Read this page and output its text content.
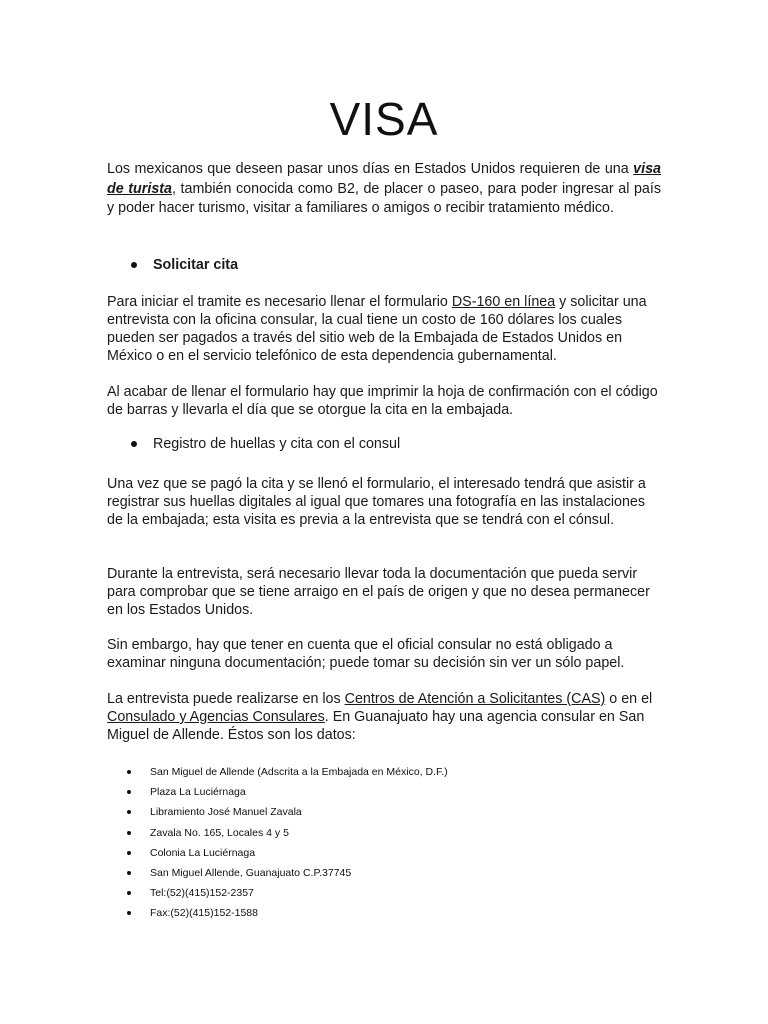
VISA

Los mexicanos que deseen pasar unos días en Estados Unidos requieren de una visa de turista, también conocida como B2, de placer o paseo, para poder ingresar al país y poder hacer turismo, visitar a familiares o amigos o recibir tratamiento médico.

Solicitar cita

Para iniciar el tramite es necesario llenar el formulario DS-160 en línea y solicitar una entrevista con la oficina consular, la cual tiene un costo de 160 dólares los cuales pueden ser pagados a través del sitio web de la Embajada de Estados Unidos en México o en el servicio telefónico de esta dependencia gubernamental.

Al acabar de llenar el formulario hay que imprimir la hoja de confirmación con el código de barras y llevarla el día que se otorgue la cita en la embajada.

Registro de huellas y cita con el consul

Una vez que se pagó la cita y se llenó el formulario, el interesado tendrá que asistir a registrar sus huellas digitales al igual que tomares una fotografía en las instalaciones de la embajada; esta visita es previa a la entrevista que se tendrá con el cónsul.

Durante la entrevista, será necesario llevar toda la documentación que pueda servir para comprobar que se tiene arraigo en el país de origen y que no desea permanecer en los Estados Unidos.

Sin embargo, hay que tener en cuenta que el oficial consular no está obligado a examinar ninguna documentación; puede tomar su decisión sin ver un sólo papel.

La entrevista puede realizarse en los Centros de Atención a Solicitantes (CAS) o en el Consulado y Agencias Consulares. En Guanajuato hay una agencia consular en San Miguel de Allende. Éstos son los datos:

San Miguel de Allende (Adscrita a la Embajada en México, D.F.)
Plaza La Luciérnaga
Libramiento José Manuel Zavala
Zavala No. 165, Locales 4 y 5
Colonia La Luciérnaga
San Miguel Allende, Guanajuato C.P.37745
Tel:(52)(415)152-2357
Fax:(52)(415)152-1588
